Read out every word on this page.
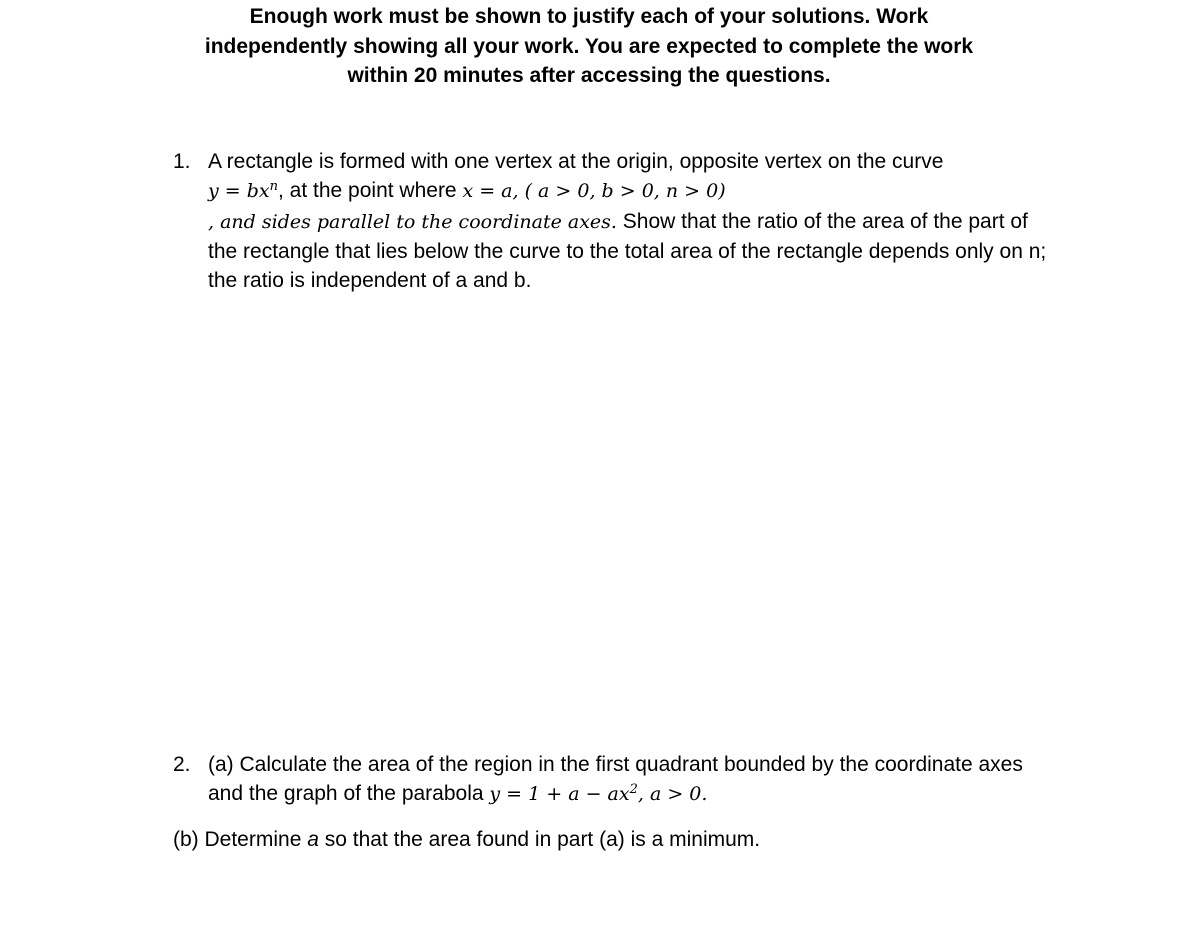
Enough work must be shown to justify each of your solutions. Work
independently showing all your work. You are expected to complete the work
within 20 minutes after accessing the questions.
1. A rectangle is formed with one vertex at the origin, opposite vertex on the curve
$y = bx^n$, at the point where x = a, ( a > 0, b > 0, n > 0)
, and sides parallel to the coordinate axes. Show that the ratio of the area of the part of the rectangle that lies below the curve to the total area of the rectangle depends only on n; the ratio is independent of a and b.
2. (a) Calculate the area of the region in the first quadrant bounded by the coordinate axes and the graph of the parabola $y = 1 + a - ax^2$, a > 0.
(b) Determine a so that the area found in part (a) is a minimum.
